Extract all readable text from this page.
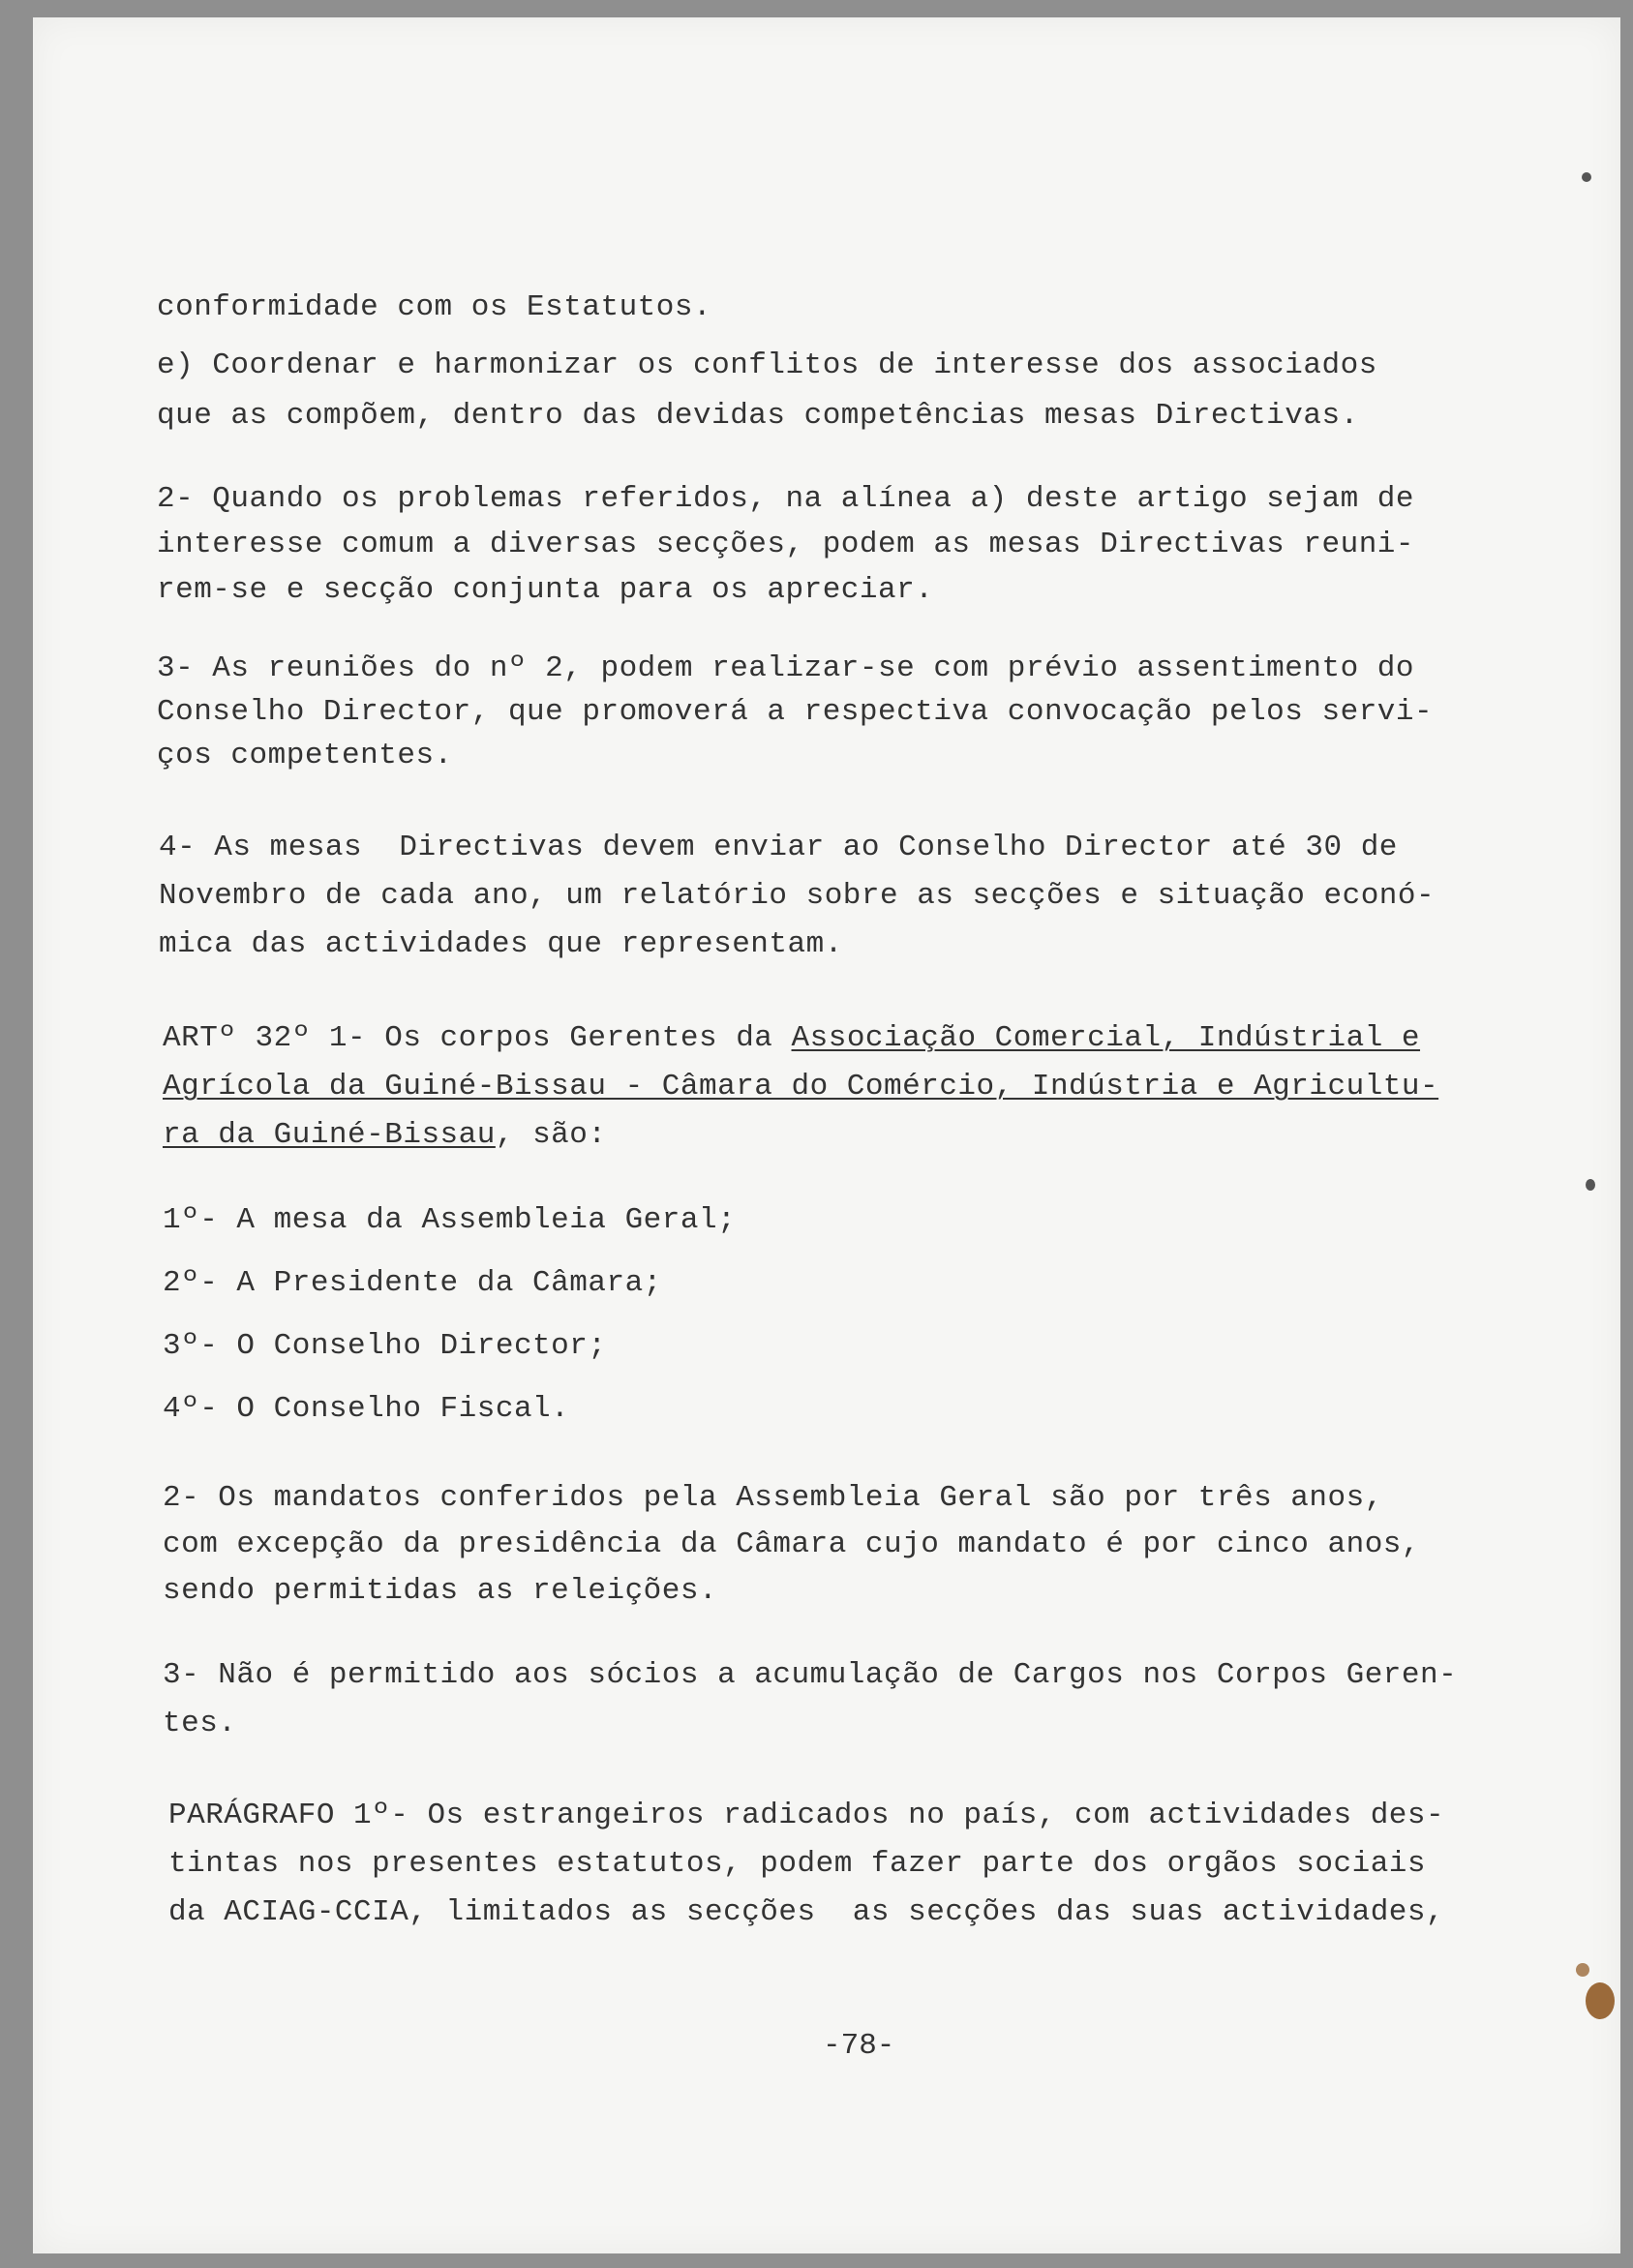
conformidade com os Estatutos.
e) Coordenar e harmonizar os conflitos de interesse dos associados
que as compõem, dentro das devidas competências mesas Directivas.
2- Quando os problemas referidos, na alínea a) deste artigo sejam de
interesse comum a diversas secções, podem as mesas Directivas reuni-
rem-se e secção conjunta para os apreciar.
3- As reuniões do nº 2, podem realizar-se com prévio assentimento do
Conselho Director, que promoverá a respectiva convocação pelos servi-
ços competentes.
4- As mesas  Directivas devem enviar ao Conselho Director até 30 de
Novembro de cada ano, um relatório sobre as secções e situação econó-
mica das actividades que representam.
ARTº 32º 1- Os corpos Gerentes da Associação Comercial, Indústrial e
Agrícola da Guiné-Bissau - Câmara do Comércio, Indústria e Agricultu-
ra da Guiné-Bissau, são:
1º- A mesa da Assembleia Geral;
2º- A Presidente da Câmara;
3º- O Conselho Director;
4º- O Conselho Fiscal.
2- Os mandatos conferidos pela Assembleia Geral são por três anos,
com excepção da presidência da Câmara cujo mandato é por cinco anos,
sendo permitidas as releições.
3- Não é permitido aos sócios a acumulação de Cargos nos Corpos Geren-
tes.
PARÁGRAFO 1º- Os estrangeiros radicados no país, com actividades des-
tintas nos presentes estatutos, podem fazer parte dos orgãos sociais
da ACIAG-CCIA, limitados as secções  as secções das suas actividades,
-78-
